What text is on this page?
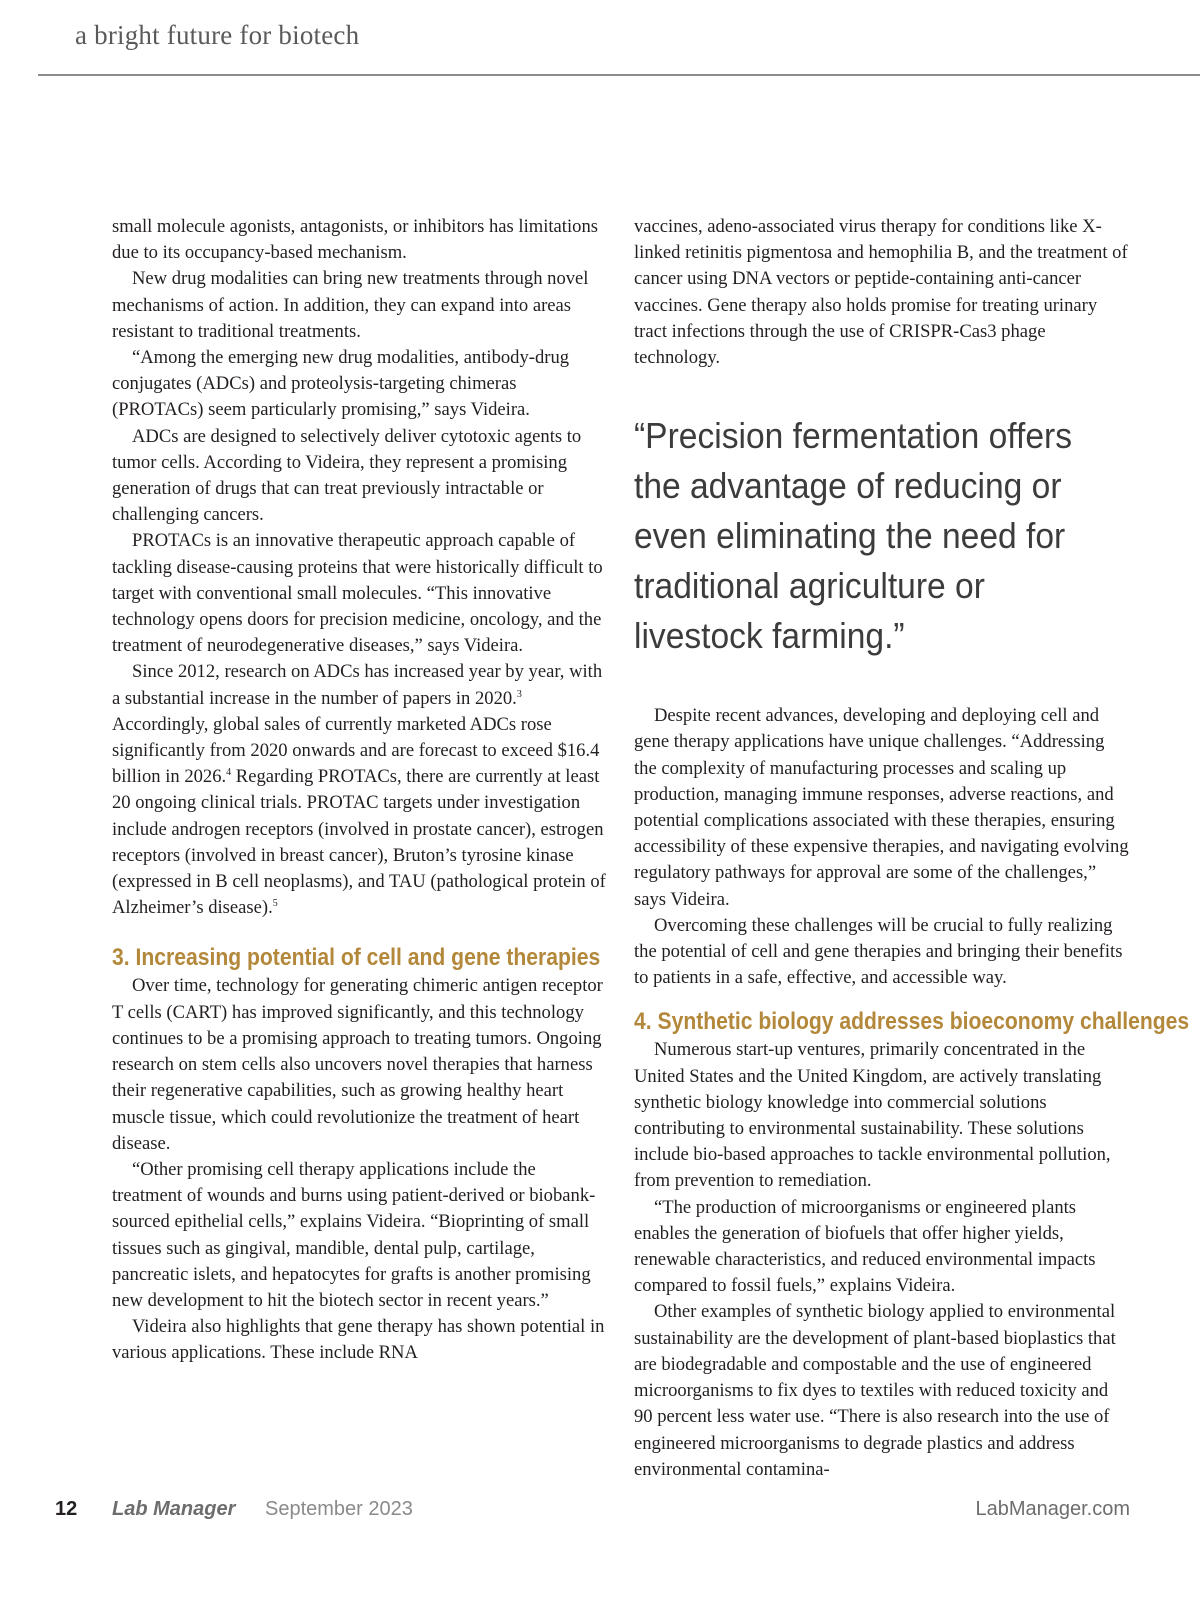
a bright future for biotech

small molecule agonists, antagonists, or inhibitors has limitations due to its occupancy-based mechanism.

New drug modalities can bring new treatments through novel mechanisms of action. In addition, they can expand into areas resistant to traditional treatments.

“Among the emerging new drug modalities, antibody-drug conjugates (ADCs) and proteolysis-targeting chimeras (PROTACs) seem particularly promising,” says Videira.

ADCs are designed to selectively deliver cytotoxic agents to tumor cells. According to Videira, they represent a promising generation of drugs that can treat previously intractable or challenging cancers.

PROTACs is an innovative therapeutic approach capable of tackling disease-causing proteins that were historically difficult to target with conventional small molecules. “This innovative technology opens doors for precision medicine, oncology, and the treatment of neurodegenerative diseases,” says Videira.

Since 2012, research on ADCs has increased year by year, with a substantial increase in the number of papers in 2020.$^3$ Accordingly, global sales of currently marketed ADCs rose significantly from 2020 onwards and are forecast to exceed $16.4 billion in 2026.$^4$ Regarding PROTACs, there are currently at least 20 ongoing clinical trials. PROTAC targets under investigation include androgen receptors (involved in prostate cancer), estrogen receptors (involved in breast cancer), Bruton’s tyrosine kinase (expressed in B cell neoplasms), and TAU (pathological protein of Alzheimer’s disease).$^5$

3. Increasing potential of cell and gene therapies

Over time, technology for generating chimeric antigen receptor T cells (CART) has improved significantly, and this technology continues to be a promising approach to treating tumors. Ongoing research on stem cells also uncovers novel therapies that harness their regenerative capabilities, such as growing healthy heart muscle tissue, which could revolutionize the treatment of heart disease.

“Other promising cell therapy applications include the treatment of wounds and burns using patient-derived or biobank-sourced epithelial cells,” explains Videira. “Bioprinting of small tissues such as gingival, mandible, dental pulp, cartilage, pancreatic islets, and hepatocytes for grafts is another promising new development to hit the biotech sector in recent years.”

Videira also highlights that gene therapy has shown potential in various applications. These include RNA

vaccines, adeno-associated virus therapy for conditions like X-linked retinitis pigmentosa and hemophilia B, and the treatment of cancer using DNA vectors or peptide-containing anti-cancer vaccines. Gene therapy also holds promise for treating urinary tract infections through the use of CRISPR-Cas3 phage technology.

“Precision fermentation offers the advantage of reducing or even eliminating the need for traditional agriculture or livestock farming.”

Despite recent advances, developing and deploying cell and gene therapy applications have unique challenges. “Addressing the complexity of manufacturing processes and scaling up production, managing immune responses, adverse reactions, and potential complications associated with these therapies, ensuring accessibility of these expensive therapies, and navigating evolving regulatory pathways for approval are some of the challenges,” says Videira.

Overcoming these challenges will be crucial to fully realizing the potential of cell and gene therapies and bringing their benefits to patients in a safe, effective, and accessible way.

4. Synthetic biology addresses bioeconomy challenges

Numerous start-up ventures, primarily concentrated in the United States and the United Kingdom, are actively translating synthetic biology knowledge into commercial solutions contributing to environmental sustainability. These solutions include bio-based approaches to tackle environmental pollution, from prevention to remediation.

“The production of microorganisms or engineered plants enables the generation of biofuels that offer higher yields, renewable characteristics, and reduced environmental impacts compared to fossil fuels,” explains Videira.

Other examples of synthetic biology applied to environmental sustainability are the development of plant-based bioplastics that are biodegradable and compostable and the use of engineered microorganisms to fix dyes to textiles with reduced toxicity and 90 percent less water use. “There is also research into the use of engineered microorganisms to degrade plastics and address environmental contamina-

12 Lab Manager September 2023	LabManager.com
